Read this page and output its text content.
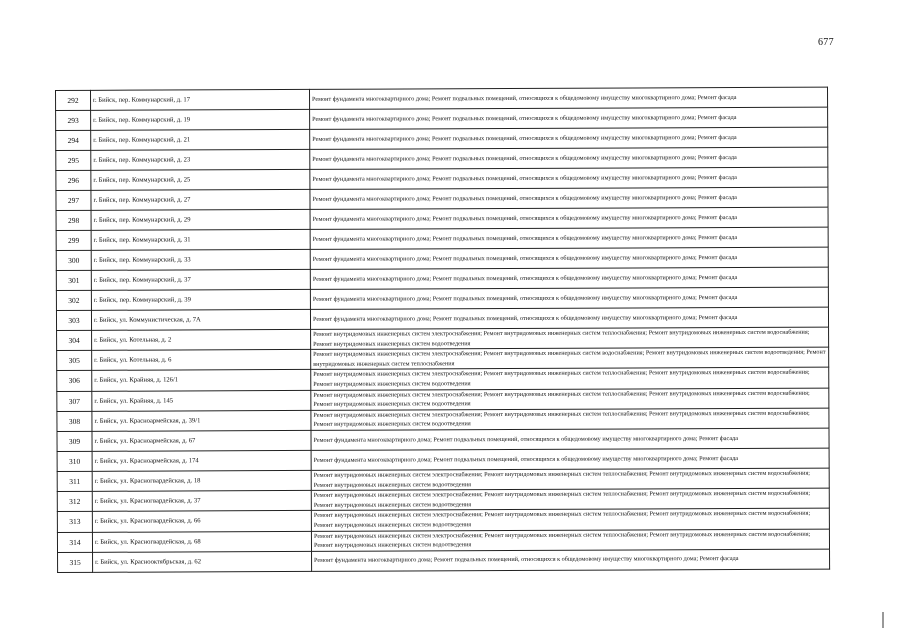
677
292	г. Бийск, пер. Коммунарский, д. 17	Ремонт фундамента многоквартирного дома; Ремонт подвальных помещений, относящихся к общедомовому имуществу многоквартирного дома; Ремонт фасада
293	г. Бийск, пер. Коммунарский, д. 19	Ремонт фундамента многоквартирного дома; Ремонт подвальных помещений, относящихся к общедомовому имуществу многоквартирного дома; Ремонт фасада
294	г. Бийск, пер. Коммунарский, д. 21	Ремонт фундамента многоквартирного дома; Ремонт подвальных помещений, относящихся к общедомовому имуществу многоквартирного дома; Ремонт фасада
295	г. Бийск, пер. Коммунарский, д. 23	Ремонт фундамента многоквартирного дома; Ремонт подвальных помещений, относящихся к общедомовому имуществу многоквартирного дома; Ремонт фасада
296	г. Бийск, пер. Коммунарский, д. 25	Ремонт фундамента многоквартирного дома; Ремонт подвальных помещений, относящихся к общедомовому имуществу многоквартирного дома; Ремонт фасада
297	г. Бийск, пер. Коммунарский, д. 27	Ремонт фундамента многоквартирного дома; Ремонт подвальных помещений, относящихся к общедомовому имуществу многоквартирного дома; Ремонт фасада
298	г. Бийск, пер. Коммунарский, д. 29	Ремонт фундамента многоквартирного дома; Ремонт подвальных помещений, относящихся к общедомовому имуществу многоквартирного дома; Ремонт фасада
299	г. Бийск, пер. Коммунарский, д. 31	Ремонт фундамента многоквартирного дома; Ремонт подвальных помещений, относящихся к общедомовому имуществу многоквартирного дома; Ремонт фасада
300	г. Бийск, пер. Коммунарский, д. 33	Ремонт фундамента многоквартирного дома; Ремонт подвальных помещений, относящихся к общедомовому имуществу многоквартирного дома; Ремонт фасада
301	г. Бийск, пер. Коммунарский, д. 37	Ремонт фундамента многоквартирного дома; Ремонт подвальных помещений, относящихся к общедомовому имуществу многоквартирного дома; Ремонт фасада
302	г. Бийск, пер. Коммунарский, д. 39	Ремонт фундамента многоквартирного дома; Ремонт подвальных помещений, относящихся к общедомовому имуществу многоквартирного дома; Ремонт фасада
303	г. Бийск, ул. Коммунистическая, д. 7А	Ремонт фундамента многоквартирного дома; Ремонт подвальных помещений, относящихся к общедомовому имуществу многоквартирного дома; Ремонт фасада
304	г. Бийск, ул. Котельная, д. 2	Ремонт внутридомовых инженерных систем электроснабжения; Ремонт внутридомовых инженерных систем теплоснабжения; Ремонт внутридомовых инженерных систем водоснабжения; Ремонт внутридомовых инженерных систем водоотведения
305	г. Бийск, ул. Котельная, д. 6	Ремонт внутридомовых инженерных систем электроснабжения; Ремонт внутридомовых инженерных систем водоснабжения; Ремонт внутридомовых инженерных систем водоотведения; Ремонт внутридомовых инженерных систем теплоснабжения
306	г. Бийск, ул. Крайняя, д. 126/1	Ремонт внутридомовых инженерных систем электроснабжения; Ремонт внутридомовых инженерных систем теплоснабжения; Ремонт внутридомовых инженерных систем водоснабжения; Ремонт внутридомовых инженерных систем водоотведения
307	г. Бийск, ул. Крайняя, д. 145	Ремонт внутридомовых инженерных систем электроснабжения; Ремонт внутридомовых инженерных систем теплоснабжения; Ремонт внутридомовых инженерных систем водоснабжения; Ремонт внутридомовых инженерных систем водоотведения
308	г. Бийск, ул. Красноармейская, д. 39/1	Ремонт внутридомовых инженерных систем электроснабжения; Ремонт внутридомовых инженерных систем теплоснабжения; Ремонт внутридомовых инженерных систем водоснабжения; Ремонт внутридомовых инженерных систем водоотведения
309	г. Бийск, ул. Красноармейская, д. 67	Ремонт фундамента многоквартирного дома; Ремонт подвальных помещений, относящихся к общедомовому имуществу многоквартирного дома; Ремонт фасада
310	г. Бийск, ул. Красноармейская, д. 174	Ремонт фундамента многоквартирного дома; Ремонт подвальных помещений, относящихся к общедомовому имуществу многоквартирного дома; Ремонт фасада
311	г. Бийск, ул. Красногвардейская, д. 18	Ремонт внутридомовых инженерных систем электроснабжения; Ремонт внутридомовых инженерных систем теплоснабжения; Ремонт внутридомовых инженерных систем водоснабжения; Ремонт внутридомовых инженерных систем водоотведения
312	г. Бийск, ул. Красногвардейская, д. 37	Ремонт внутридомовых инженерных систем электроснабжения; Ремонт внутридомовых инженерных систем теплоснабжения; Ремонт внутридомовых инженерных систем водоснабжения; Ремонт внутридомовых инженерных систем водоотведения
313	г. Бийск, ул. Красногвардейская, д. 66	Ремонт внутридомовых инженерных систем электроснабжения; Ремонт внутридомовых инженерных систем теплоснабжения; Ремонт внутридомовых инженерных систем водоснабжения; Ремонт внутридомовых инженерных систем водоотведения
314	г. Бийск, ул. Красногвардейская, д. 68	Ремонт внутридомовых инженерных систем электроснабжения; Ремонт внутридомовых инженерных систем теплоснабжения; Ремонт внутридомовых инженерных систем водоснабжения; Ремонт внутридомовых инженерных систем водоотведения
315	г. Бийск, ул. Краснооктябрьская, д. 62	Ремонт фундамента многоквартирного дома; Ремонт подвальных помещений, относящихся к общедомовому имуществу многоквартирного дома; Ремонт фасада
